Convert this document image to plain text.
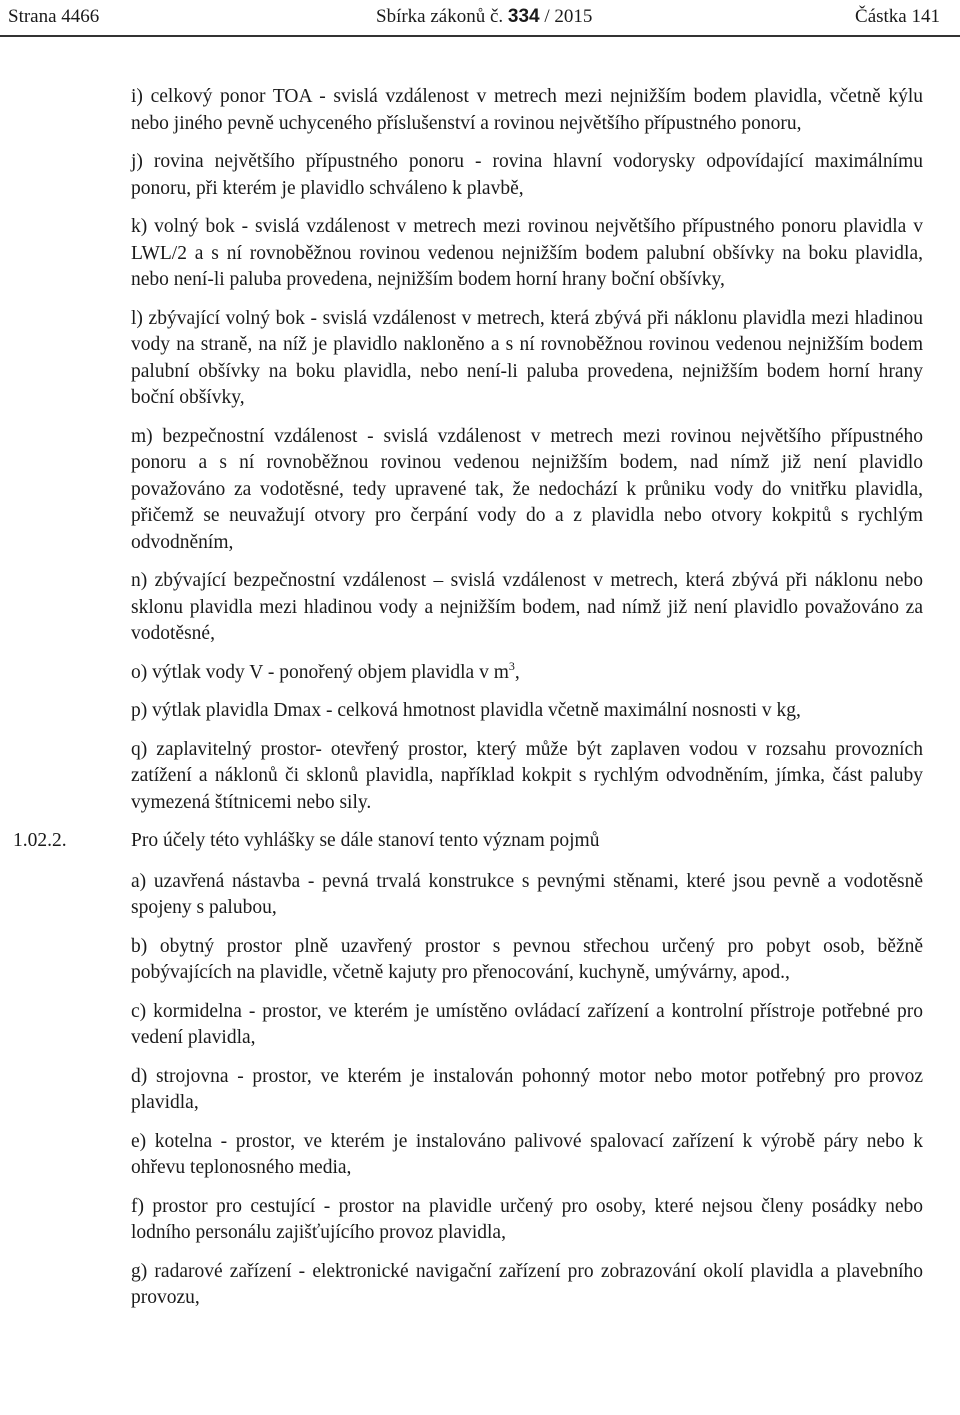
Strana 4466	Sbírka zákonů č. 334 / 2015	Částka 141

i) celkový ponor TOA - svislá vzdálenost v metrech mezi nejnižším bodem plavidla, včetně kýlu nebo jiného pevně uchyceného příslušenství a rovinou největšího přípustného ponoru,

j) rovina největšího přípustného ponoru - rovina hlavní vodorysky odpovídající maximálnímu ponoru, při kterém je plavidlo schváleno k plavbě,

k) volný bok - svislá vzdálenost v metrech mezi rovinou největšího přípustného ponoru plavidla v LWL/2 a s ní rovnoběžnou rovinou vedenou nejnižším bodem palubní obšívky na boku plavidla, nebo není-li paluba provedena, nejnižším bodem horní hrany boční obšívky,

l) zbývající volný bok - svislá vzdálenost v metrech, která zbývá při náklonu plavidla mezi hladinou vody na straně, na níž je plavidlo nakloněno a s ní rovnoběžnou rovinou vedenou nejnižším bodem palubní obšívky na boku plavidla, nebo není-li paluba provedena, nejnižším bodem horní hrany boční obšívky,

m) bezpečnostní vzdálenost - svislá vzdálenost v metrech mezi rovinou největšího přípustného ponoru a s ní rovnoběžnou rovinou vedenou nejnižším bodem, nad nímž již není plavidlo považováno za vodotěsné, tedy upravené tak, že nedochází k průniku vody do vnitřku plavidla, přičemž se neuvažují otvory pro čerpání vody do a z plavidla nebo otvory kokpitů s rychlým odvodněním,

n) zbývající bezpečnostní vzdálenost – svislá vzdálenost v metrech, která zbývá při náklonu nebo sklonu plavidla mezi hladinou vody a nejnižším bodem, nad nímž již není plavidlo považováno za vodotěsné,

o) výtlak vody V - ponořený objem plavidla v $m^3$,

p) výtlak plavidla Dmax - celková hmotnost plavidla včetně maximální nosnosti v kg,

q) zaplavitelný prostor- otevřený prostor, který může být zaplaven vodou v rozsahu provozních zatížení a náklonů či sklonů plavidla, například kokpit s rychlým odvodněním, jímka, část paluby vymezená štítnicemi nebo sily.

1.02.2.	Pro účely této vyhlášky se dále stanoví tento význam pojmů

a) uzavřená nástavba - pevná trvalá konstrukce s pevnými stěnami, které jsou pevně a vodotěsně spojeny s palubou,

b) obytný prostor plně uzavřený prostor s pevnou střechou určený pro pobyt osob, běžně pobývajících na plavidle, včetně kajuty pro přenocování, kuchyně, umývárny, apod.,

c) kormidelna - prostor, ve kterém je umístěno ovládací zařízení a kontrolní přístroje potřebné pro vedení plavidla,

d) strojovna - prostor, ve kterém je instalován pohonný motor nebo motor potřebný pro provoz plavidla,

e) kotelna - prostor, ve kterém je instalováno palivové spalovací zařízení k výrobě páry nebo k ohřevu teplonosného media,

f) prostor pro cestující - prostor na plavidle určený pro osoby, které nejsou členy posádky nebo lodního personálu zajišťujícího provoz plavidla,

g) radarové zařízení - elektronické navigační zařízení pro zobrazování okolí plavidla a plavebního provozu,
